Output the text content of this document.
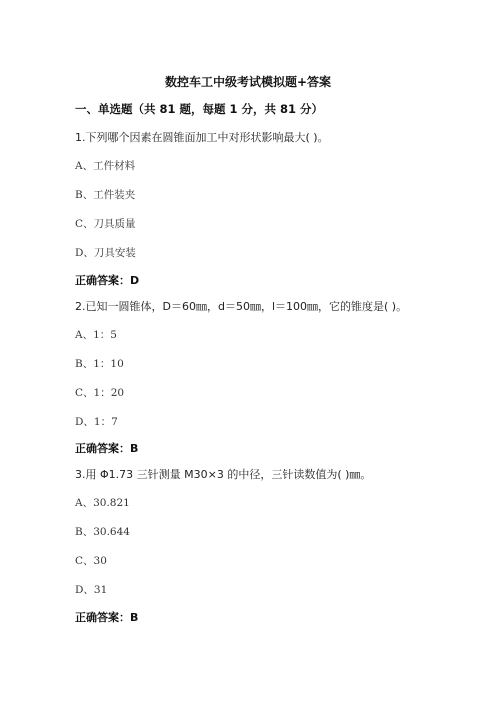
数控车工中级考试模拟题+答案
一、单选题（共 81 题，每题 1 分，共 81 分）
1.下列哪个因素在圆锥面加工中对形状影响最大( )。
A、工件材料
B、工件装夹
C、刀具质量
D、刀具安装
正确答案：D
2.已知一圆锥体，D＝60㎜，d＝50㎜，l＝100㎜，它的锥度是( )。
A、1：5
B、1：10
C、1：20
D、1：7
正确答案：B
3.用 Φ1.73 三针测量 M30×3 的中径，三针读数值为( )㎜。
A、30.821
B、30.644
C、30
D、31
正确答案：B
